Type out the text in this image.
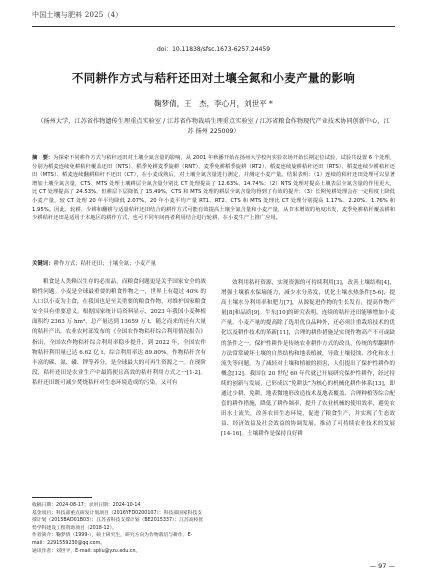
中国土壤与肥料 2025（4）
doi：10.11838/sfsc.1673-6257.24459
不同耕作方式与秸秆还田对土壤全氮和小麦产量的影响
鞠梦倩，王　杰，李心月，刘世平 *
（扬州大学，江苏省作物遗传生理重点实验室 / 江苏省作物栽培生理重点实验室 / 江苏省粮食作物现代产业技术协同创新中心，江苏 扬州 225009）
摘　要：为探索不同耕作方式与秸秆还田对土壤全氮含量的影响，从 2001 年秋播开始在扬州大学校内实验农场开始长期定位试验，试验共设置 6 个处理，分别为稻麦连续免耕秸秆覆盖还田（NTS）、稻季免耕麦季旋耕（RNT）、麦季免耕稻季旋耕（RT2）、稻麦连续旋耕秸秆还田（RTS）、稻麦连续少耕秸秆还田（MTS）、稻麦连续翻耕秸秆不还田（CT），在小麦成熟后，对土壤全氮含量进行测定，并测定小麦产量。结果表明：（1）连续的秸秆还田处理可以显著增加土壤全氮含量，CTS、MTS 处理土壤耕层全氮含量分别比 CT 处理提高了 12.63%、14.74%；（2）NTS 处理对提高土壤表层全氮含量的作用更大，比 CT 处理提高了 24.53%，但耕层下层降低了 15.49%，CTS 和 MTS 处理的耕层全氮含量均得到了有效的提升；（3）长期免耕处理会在一定程度上降低小麦产量，较 CT 处理 20 年平均降低 2.07%，20 年小麦平均产量 RT1、RT2、CTS 和 MTS 处理比 CT 处理分别提高 1.17%、2.20%、1.76% 和 1.95%。因此，轮耕、少耕和翻耕与适量秸秆还田结合的耕作方式可能有效提高土壤全氮含量和小麦产量，从节本增效的角度出发，麦季免耕秸秆覆盖耕和少耕秸秆还田是适用于本地区的耕作方式，也可不同年间再者利用结合进行轮耕，在小麦生产上推广应用。
关键词：耕作方式；秸秆还田；土壤全氮；小麦产量
粮食是人类赖以生存的必需品，而粮食问题更是关乎国家安全的战略性问题。小麦是全球最重要的粮食作物之一，世界上有超过 40% 的人口以小麦为主食，在我国也是至关重要的粮食作物，对维护国家粮食安全具有重要意义。根据国家统计局资料显示，2023 年我国小麦种植面积约 2363 万 hm²，总产量达到 13659 万 t，随之而来的还有大量的秸秆产出。农业农村部发布的《全国农作物秸秆综合利用情况报告》指出，全国农作物秸秆综合利用率稳步提升，到 2022 年，全国农作物秸秆利用量已达 6.62 亿 t，综合利用率达 89.80%。作物秸秆含有丰富的碳、氮、磷、钾等养分，是全球最大的可再生资源之一。在现阶段，秸秆还田是农业生产中最简便且高效的秸秆利用方式之一[1-2]。秸秆还田既可减少焚烧秸秆对生态环境造成的污染，又可有
效利用秸秆资源，实现资源的可持续利用[3]，改善土壤结构[4]，增强土壤蓄水保墒能力，减少水分蒸发，优化土壤水热条件[5-6]，提高土壤水分利用率和肥力[7]，从源促进作物的生长发育，提高作物产量[8]和品质[9]。牛东[10]的研究表明，连续的秸秆还田能够增加小麦产量。小麦产量的提高除了选用优良品种外，还必须注重栽培技术的优化以及耕作技术的革新[11]，合理的耕作措施是实现作物高产不可或缺的条件之一。保护性耕作是传统农业耕作方式的改良，传统的犁翻耕作方法常常破坏土壤的自然结构和地表植被，导致土壤侵蚀、沙化和水土流失等问题，为了减轻对土壤和植被的损害，人们提出了保护性耕作的概念[12]。我国在 20 世纪 60 年代就已开展研究保护性耕作，经过持续的创新与发展，已形成以“免耕法”为核心的机械化耕作体系[13]，即通过少耕、免耕、地表微地形改造技术及地表覆盖、合理种植等综合配套的耕作措施，降低了耕作频率，提升了农业机械的使用效率，避免农田水土流失，改善农田生态环境，促进了粮食生产，并实现了生态效益、经济效益及社会效益的协调发展。推动了可持续农业技术的发展[14-16]。土壤耕作是保持良好耕
收稿日期：2024-08-17；录用日期：2024-10-14
基金项目：科技部重点研发计划项目（2016YFD0200107）；科技部国家科技支撑计划（2015BAD01B03）；江苏省科技支撑计划（BE2015337）；江苏高校优势学科建设工程资助项目（2018-12）。
作者简介：鞠梦倩（1999-），硕士研究生，研究方向为作物栽培与耕作。E-mail：2291559230@qq.com。
通讯作者：刘世平，E-mail: spliu@yzu.edu.cn。
— 97 —
